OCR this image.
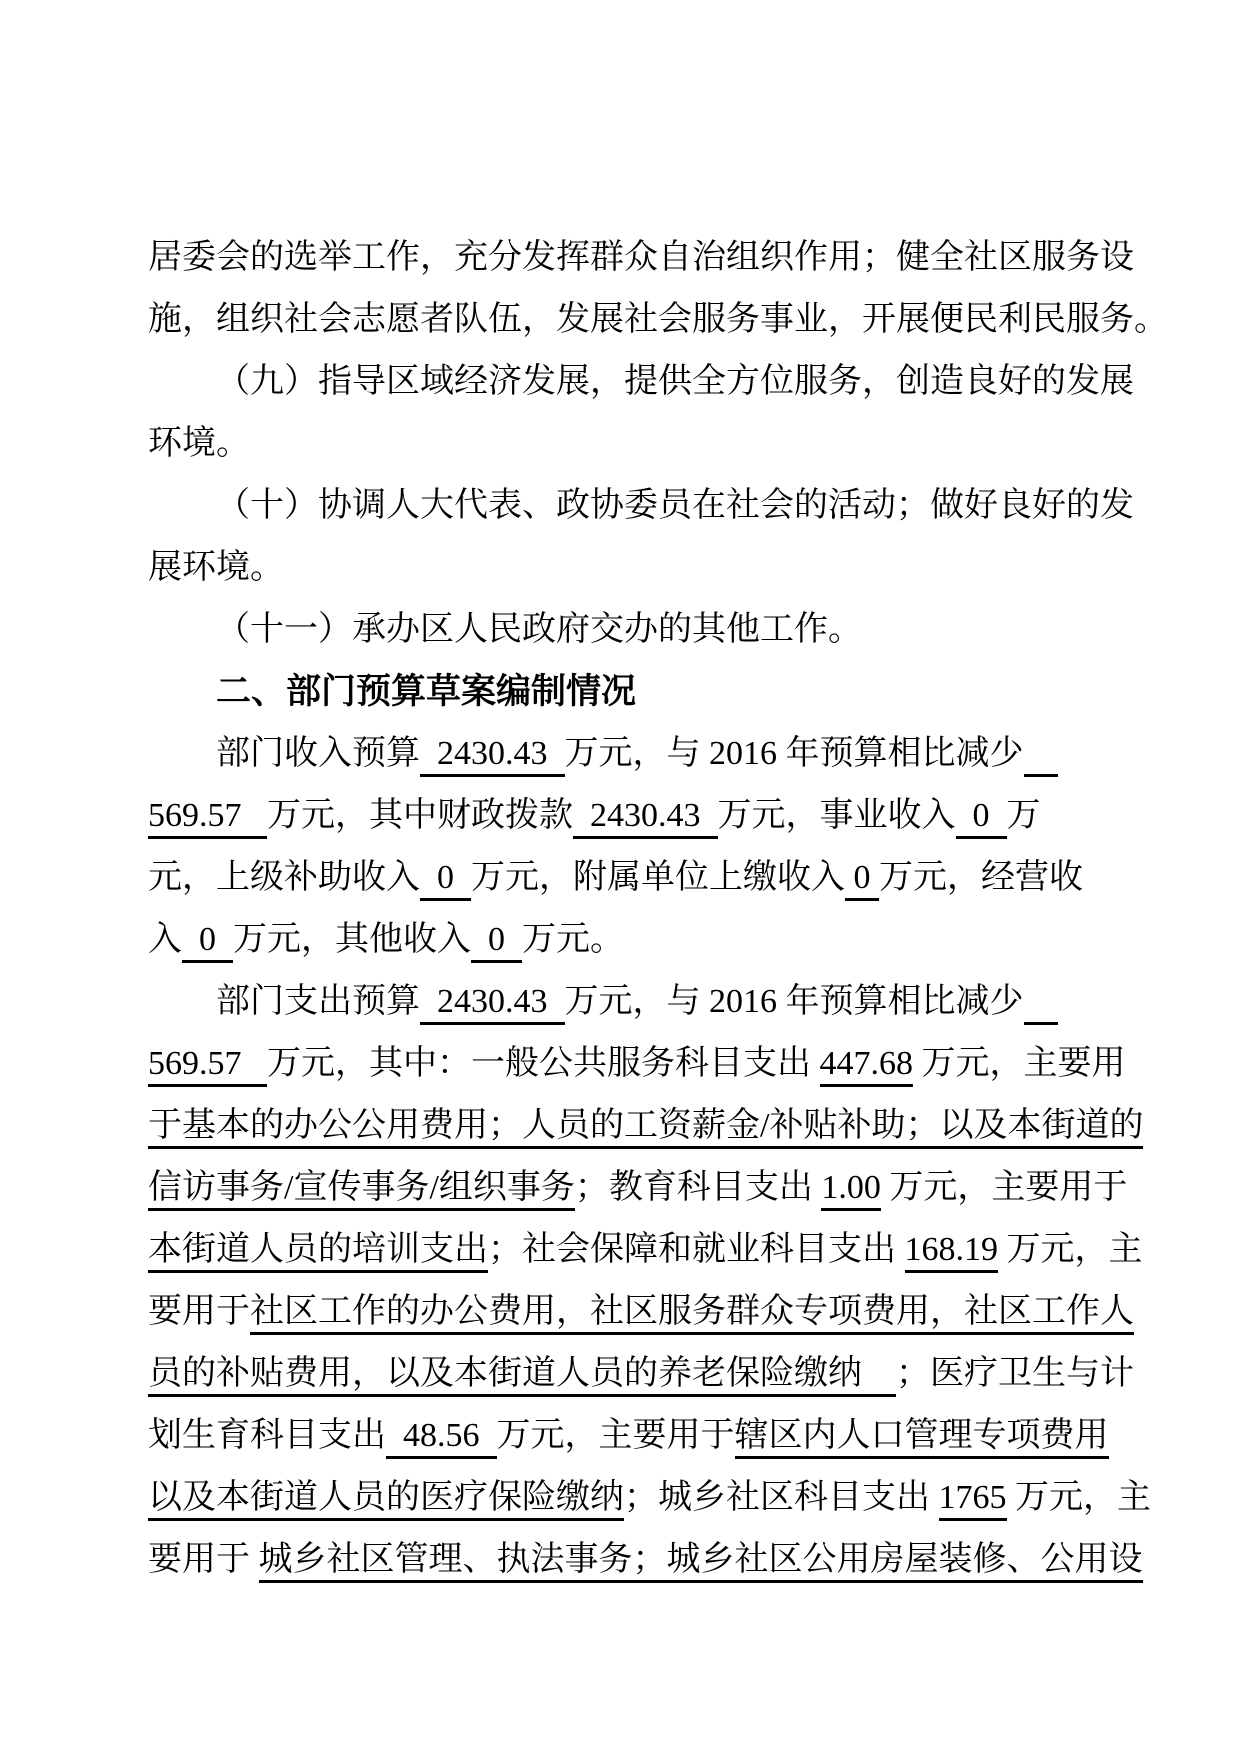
居委会的选举工作，充分发挥群众自治组织作用；健全社区服务设
施，组织社会志愿者队伍，发展社会服务事业，开展便民利民服务。
（九）指导区域经济发展，提供全方位服务，创造良好的发展
环境。
（十）协调人大代表、政协委员在社会的活动；做好良好的发
展环境。
（十一）承办区人民政府交办的其他工作。
二、部门预算草案编制情况
部门收入预算  2430.43  万元，与 2016 年预算相比减少
569.57   万元，其中财政拨款  2430.43  万元，事业收入  0  万
元，上级补助收入  0  万元，附属单位上缴收入 0 万元，经营收
入  0  万元，其他收入  0  万元。
部门支出预算  2430.43  万元，与 2016 年预算相比减少
569.57   万元，其中：一般公共服务科目支出 447.68 万元，主要用
于基本的办公公用费用；人员的工资薪金/补贴补助；以及本街道的
信访事务/宣传事务/组织事务；教育科目支出 1.00 万元，主要用于
本街道人员的培训支出；社会保障和就业科目支出 168.19 万元，主
要用于社区工作的办公费用，社区服务群众专项费用，社区工作人
员的补贴费用，以及本街道人员的养老保险缴纳    ；医疗卫生与计
划生育科目支出  48.56  万元，主要用于辖区内人口管理专项费用
以及本街道人员的医疗保险缴纳；城乡社区科目支出 1765 万元，主
要用于 城乡社区管理、执法事务；城乡社区公用房屋装修、公用设
